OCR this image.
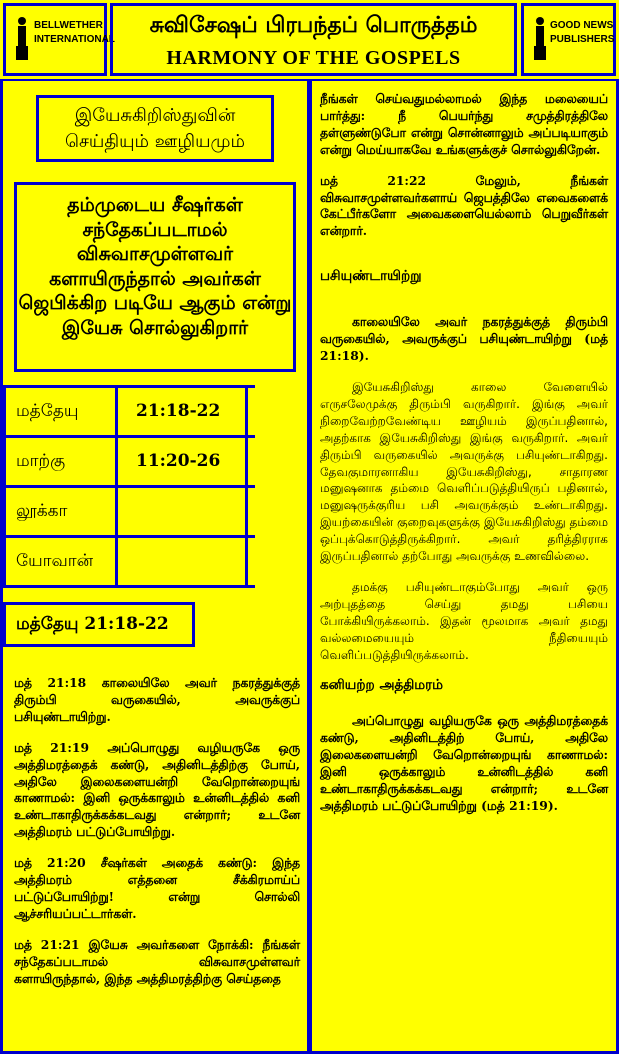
BELLWETHER
INTERNATIONAL
சுவிசேஷப் பிரபந்தப் பொருத்தம்
HARMONY OF THE GOSPELS
GOOD NEWS
PUBLISHERS
இயேசுகிறிஸ்துவின் செய்தியும் ஊழியமும்
தம்முடைய சீஷர்கள் சந்தேகப்படாமல் விசுவாசமுள்ளவர் களாயிருந்தால் அவர்கள் ஜெபிக்கிற படியே ஆகும் என்று இயேசு சொல்லுகிறார்
மத்தேயு	21:18-22
மாற்கு	11:20-26
லூக்கா
யோவான்
மத்தேயு 21:18-22

மத் 21:18 காலையிலே அவர் நகரத்துக்குத் திரும்பி வருகையில், அவருக்குப் பசியுண்டாயிற்று.

மத் 21:19 அப்பொழுது வழியருகே ஒரு அத்திமரத்தைக் கண்டு, அதினிடத்திற்கு போய், அதிலே இலைகளையன்றி வேறொன்றையுங் காணாமல்: இனி ஒருக்காலும் உன்னிடத்தில் கனி உண்டாகாதிருக்கக்கடவது என்றார்; உடனே அத்திமரம் பட்டுப்போயிற்று.

மத் 21:20 சீஷர்கள் அதைக் கண்டு: இந்த அத்திமரம் எத்தனை சீக்கிரமாய்ப் பட்டுப்போயிற்று! என்று சொல்லி ஆச்சரியப்பட்டார்கள்.

மத் 21:21 இயேசு அவர்களை நோக்கி: நீங்கள் சந்தேகப்படாமல் விசுவாசமுள்ளவர் களாயிருந்தால், இந்த அத்திமரத்திற்கு செய்ததை

நீங்கள் செய்வதுமல்லாமல் இந்த மலையைப் பார்த்து: நீ பெயர்ந்து சமுத்திரத்திலே தள்ளுண்டுபோ என்று சொன்னாலும் அப்படியாகும் என்று மெய்யாகவே உங்களுக்குச் சொல்லுகிறேன்.

மத் 21:22 மேலும், நீங்கள் விசுவாசமுள்ளவர்களாய் ஜெபத்திலே எவைகளைக் கேட்பீர்களோ அவைகளையெல்லாம் பெறுவீர்கள் என்றார்.

பசியுண்டாயிற்று

காலையிலே அவர் நகரத்துக்குத் திரும்பி வருகையில், அவருக்குப் பசியுண்டாயிற்று (மத் 21:18).

இயேசுகிறிஸ்து காலை வேளையில் எருசலேமுக்கு திரும்பி வருகிறார். இங்கு அவர் நிறைவேற்றவேண்டிய ஊழியம் இருப்பதினால், அதற்காக இயேசுகிறிஸ்து இங்கு வருகிறார். அவர் திரும்பி வருகையில் அவருக்கு பசியுண்டாகிறது. தேவகுமாரனாகிய இயேசுகிறிஸ்து, சாதாரண மனுஷனாக தம்மை வெளிப்படுத்தியிருப் பதினால், மனுஷருக்குரிய பசி அவருக்கும் உண்டாகிறது. இயற்கையின் குறைவுகளுக்கு இயேசுகிறிஸ்து தம்மை ஒப்புக்கொடுத்திருக்கிறார். அவர் தரித்திரராக இருப்பதினால் தற்போது அவருக்கு உணவில்லை.

தமக்கு பசியுண்டாகும்போது அவர் ஒரு அற்புதத்தை செய்து தமது பசியை போக்கியிருக்கலாம். இதன் மூலமாக அவர் தமது வல்லமையையும் நீதியையும் வெளிப்படுத்தியிருக்கலாம்.

கனியற்ற அத்திமரம்

அப்பொழுது வழியருகே ஒரு அத்திமரத்தைக் கண்டு, அதினிடத்திற் போய், அதிலே இலைகளையன்றி வேறொன்றையுங் காணாமல்: இனி ஒருக்காலும் உன்னிடத்தில் கனி உண்டாகாதிருக்கக்கடவது என்றார்; உடனே அத்திமரம் பட்டுப்போயிற்று (மத் 21:19).
